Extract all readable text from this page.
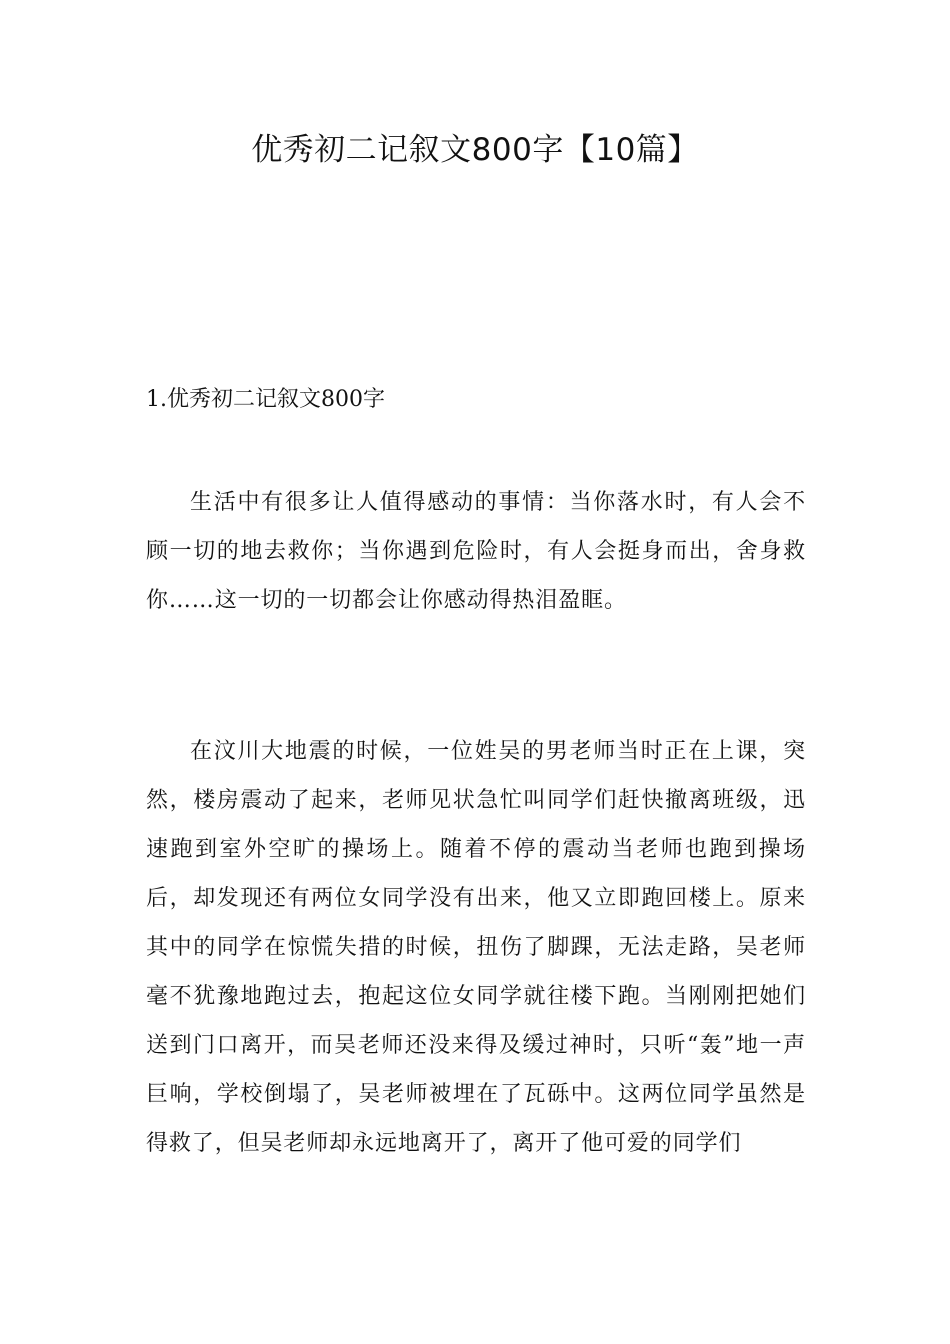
优秀初二记叙文800字【10篇】
1.优秀初二记叙文800字

生活中有很多让人值得感动的事情：当你落水时，有人会不顾一切的地去救你；当你遇到危险时，有人会挺身而出，舍身救你……这一切的一切都会让你感动得热泪盈眶。

在汶川大地震的时候，一位姓吴的男老师当时正在上课，突然，楼房震动了起来，老师见状急忙叫同学们赶快撤离班级，迅速跑到室外空旷的操场上。随着不停的震动当老师也跑到操场后，却发现还有两位女同学没有出来，他又立即跑回楼上。原来其中的同学在惊慌失措的时候，扭伤了脚踝，无法走路，吴老师毫不犹豫地跑过去，抱起这位女同学就往楼下跑。当刚刚把她们送到门口离开，而吴老师还没来得及缓过神时，只听“轰”地一声巨响，学校倒塌了，吴老师被埋在了瓦砾中。这两位同学虽然是得救了，但吴老师却永远地离开了，离开了他可爱的同学们
